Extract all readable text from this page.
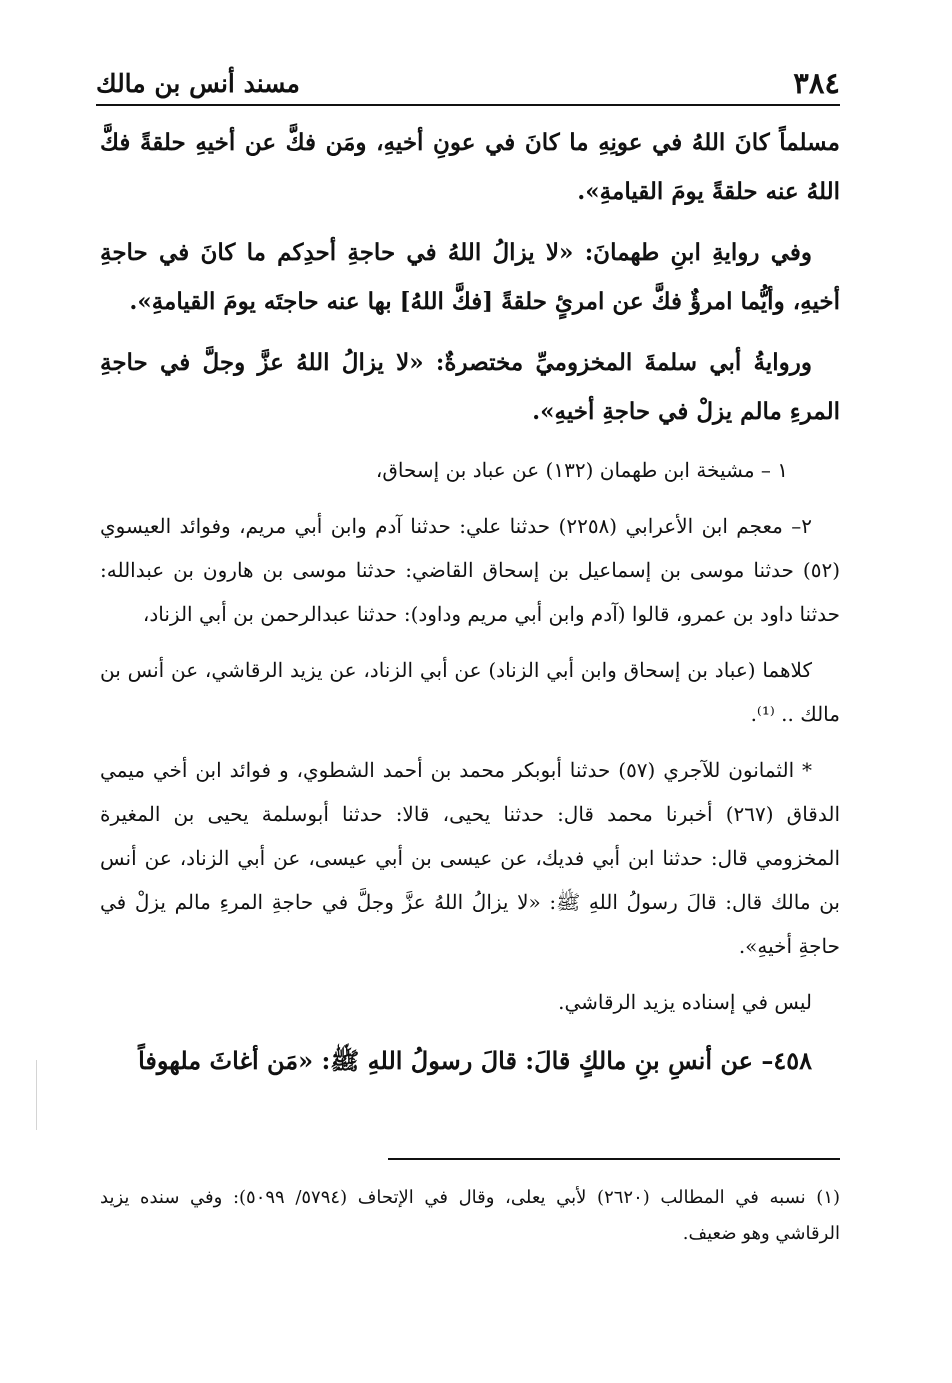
٣٨٤
مسند أنس بن مالك

مسلماً كانَ اللهُ في عونِهِ ما كانَ في عونِ أخيهِ، ومَن فكَّ عن أخيهِ حلقةً فكَّ اللهُ عنه حلقةً يومَ القيامةِ».

وفي روايةِ ابنِ طهمانَ: «لا يزالُ اللهُ في حاجةِ أحدِكم ما كانَ في حاجةِ أخيهِ، وأيُّما امرؤٌ فكَّ عن امرئٍ حلقةً [فكَّ اللهُ] بها عنه حاجتَه يومَ القيامةِ».

وروايةُ أبي سلمةَ المخزوميِّ مختصرةٌ: «لا يزالُ اللهُ عزَّ وجلَّ في حاجةِ المرءِ مالم يزلْ في حاجةِ أخيهِ».

١ – مشيخة ابن طهمان (١٣٢) عن عباد بن إسحاق،

٢– معجم ابن الأعرابي (٢٢٥٨) حدثنا علي: حدثنا آدم وابن أبي مريم، وفوائد العيسوي (٥٢) حدثنا موسى بن إسماعيل بن إسحاق القاضي: حدثنا موسى بن هارون بن عبدالله: حدثنا داود بن عمرو، قالوا (آدم وابن أبي مريم وداود): حدثنا عبدالرحمن بن أبي الزناد،

كلاهما (عباد بن إسحاق وابن أبي الزناد) عن أبي الزناد، عن يزيد الرقاشي، عن أنس بن مالك .. ⁽¹⁾.

* الثمانون للآجري (٥٧) حدثنا أبوبكر محمد بن أحمد الشطوي، و فوائد ابن أخي ميمي الدقاق (٢٦٧) أخبرنا محمد قال: حدثنا يحيى، قالا: حدثنا أبوسلمة يحيى بن المغيرة المخزومي قال: حدثنا ابن أبي فديك، عن عيسى بن أبي عيسى، عن أبي الزناد، عن أنس بن مالك قال: قالَ رسولُ اللهِ ﷺ: «لا يزالُ اللهُ عزَّ وجلَّ في حاجةِ المرءِ مالم يزلْ في حاجةِ أخيهِ».

ليس في إسناده يزيد الرقاشي.

٤٥٨– عن أنسِ بنِ مالكٍ قالَ: قالَ رسولُ اللهِ ﷺ: «مَن أغاثَ ملهوفاً

(١) نسبه في المطالب (٢٦٢٠) لأبي يعلى، وقال في الإتحاف (٥٧٩٤/ ٥٠٩٩): وفي سنده يزيد الرقاشي وهو ضعيف.
